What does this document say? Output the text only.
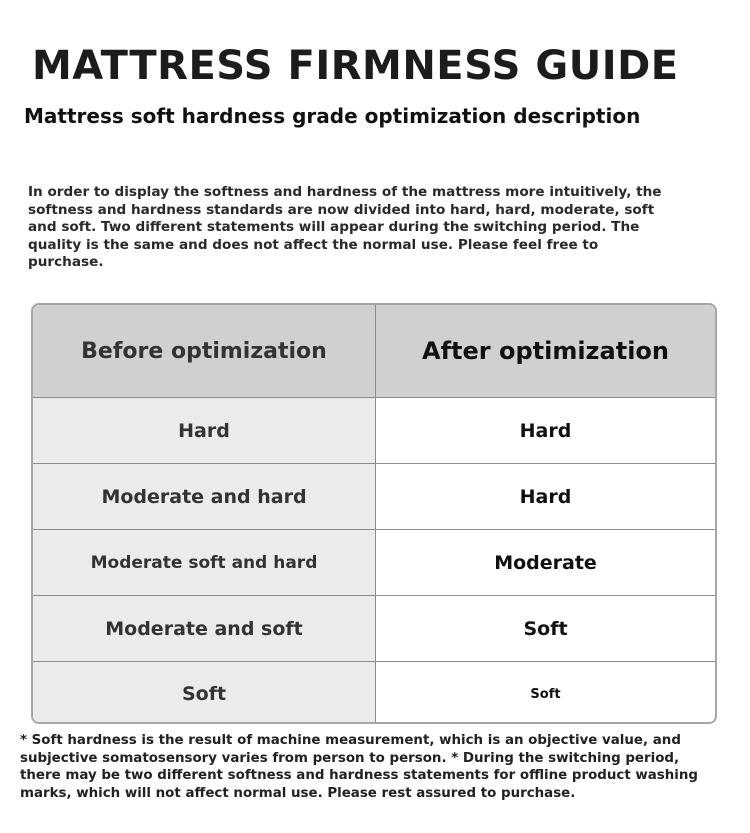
MATTRESS FIRMNESS GUIDE
Mattress soft hardness grade optimization description

In order to display the softness and hardness of the mattress more intuitively, the softness and hardness standards are now divided into hard, hard, moderate, soft and soft. Two different statements will appear during the switching period. The quality is the same and does not affect the normal use. Please feel free to purchase.

Before optimization	After optimization
Hard	Hard
Moderate and hard	Hard
Moderate soft and hard	Moderate
Moderate and soft	Soft
Soft	Soft

* Soft hardness is the result of machine measurement, which is an objective value, and subjective somatosensory varies from person to person. * During the switching period, there may be two different softness and hardness statements for offline product washing marks, which will not affect normal use. Please rest assured to purchase.
